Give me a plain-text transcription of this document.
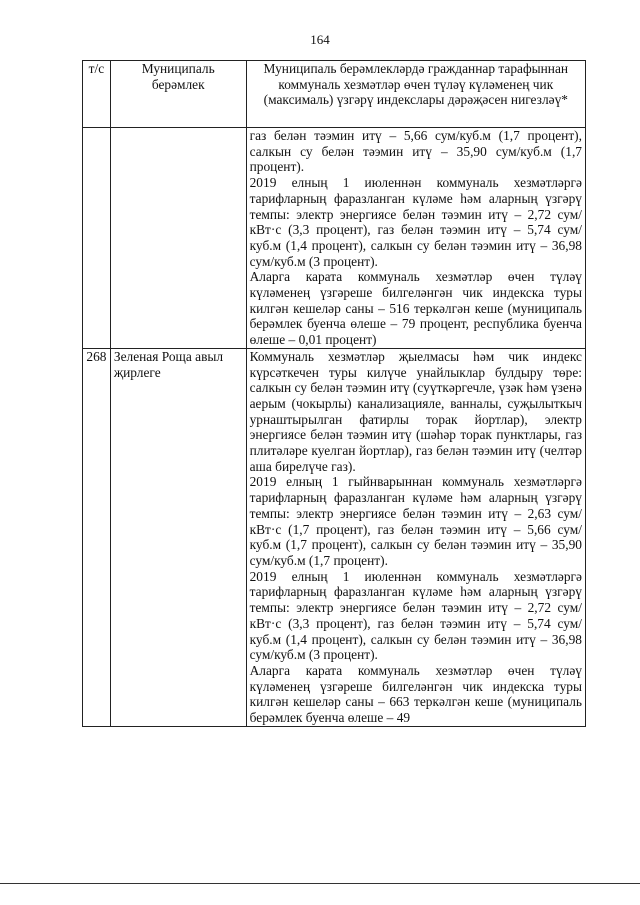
164
т/с	Муниципаль берәмлек	Муниципаль берәмлекләрдә гражданнар тарафыннан коммуналь хезмәтләр өчен түләү күләменең чик (максималь) үзгәрү индекслары дәрәҗәсен нигезләү*

		газ белән тәэмин итү – 5,66 сум/куб.м (1,7 процент), салкын су белән тәэмин итү – 35,90 сум/куб.м (1,7 процент).

2019 елның 1 июленнән коммуналь хезмәтләргә тарифларның фаразланган күләме һәм аларның үзгәрү темпы: электр энергиясе белән тәэмин итү – 2,72 сум/кВт·с (3,3 процент), газ белән тәэмин итү – 5,74 сум/куб.м (1,4 процент), салкын су белән тәэмин итү – 36,98 сум/куб.м (3 процент).

Аларга карата коммуналь хезмәтләр өчен түләү күләменең үзгәреше билгеләнгән чик индекска туры килгән кешеләр саны – 516 теркәлгән кеше (муниципаль берәмлек буенча өлеше – 79 процент, республика буенча өлеше – 0,01 процент)

268	Зеленая Роща авыл җирлеге	Коммуналь хезмәтләр җыелмасы һәм чик индекс күрсәткечен туры килүче унайлыклар булдыру төре: салкын су белән тәэмин итү (суүткәргечле, үзәк һәм үзенә аерым (чокырлы) канализацияле, ванналы, суҗылыткыч урнаштырылган фатирлы торак йортлар), электр энергиясе белән тәэмин итү (шәһәр торак пунктлары, газ плитәләре куелган йортлар), газ белән тәэмин итү (челтәр аша бирелүче газ).

2019 елның 1 гыйнварыннан коммуналь хезмәтләргә тарифларның фаразланган күләме һәм аларның үзгәрү темпы: электр энергиясе белән тәэмин итү – 2,63 сум/кВт·с (1,7 процент), газ белән тәэмин итү – 5,66 сум/куб.м (1,7 процент), салкын су белән тәэмин итү – 35,90 сум/куб.м (1,7 процент).

2019 елның 1 июленнән коммуналь хезмәтләргә тарифларның фаразланган күләме һәм аларның үзгәрү темпы: электр энергиясе белән тәэмин итү – 2,72 сум/кВт·с (3,3 процент), газ белән тәэмин итү – 5,74 сум/куб.м (1,4 процент), салкын су белән тәэмин итү – 36,98 сум/куб.м (3 процент).

Аларга карата коммуналь хезмәтләр өчен түләү күләменең үзгәреше билгеләнгән чик индекска туры килгән кешеләр саны – 663 теркәлгән кеше (муниципаль берәмлек буенча өлеше – 49
